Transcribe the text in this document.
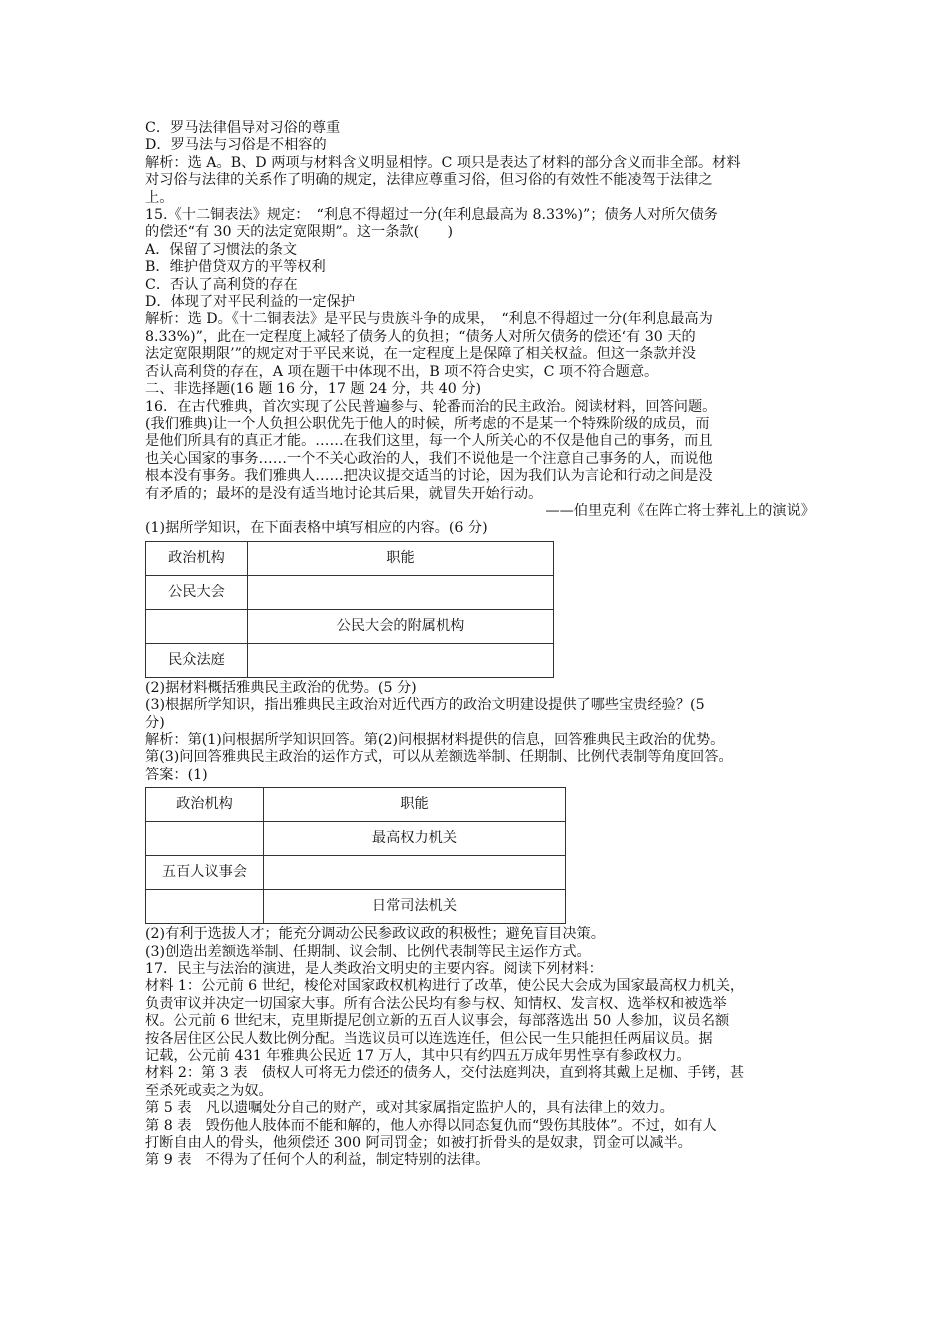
C．罗马法律倡导对习俗的尊重
D．罗马法与习俗是不相容的
解析：选 A。B、D 两项与材料含义明显相悖。C 项只是表达了材料的部分含义而非全部。材料
对习俗与法律的关系作了明确的规定，法律应尊重习俗，但习俗的有效性不能凌驾于法律之
上。
15.《十二铜表法》规定：　“利息不得超过一分(年利息最高为 8.33%)”；债务人对所欠债务
的偿还“有 30 天的法定宽限期”。这一条款(　　)
A．保留了习惯法的条文
B．维护借贷双方的平等权利
C．否认了高利贷的存在
D．体现了对平民利益的一定保护
解析：选 D。《十二铜表法》是平民与贵族斗争的成果，　“利息不得超过一分(年利息最高为
8.33%)”，此在一定程度上减轻了债务人的负担；“债务人对所欠债务的偿还‘有 30 天的
法定宽限期限’”的规定对于平民来说，在一定程度上是保障了相关权益。但这一条款并没
否认高利贷的存在，A 项在题干中体现不出，B 项不符合史实，C 项不符合题意。
二、非选择题(16 题 16 分，17 题 24 分，共 40 分)
16．在古代雅典，首次实现了公民普遍参与、轮番而治的民主政治。阅读材料，回答问题。
(我们雅典)让一个人负担公职优先于他人的时候，所考虑的不是某一个特殊阶级的成员，而
是他们所具有的真正才能。……在我们这里，每一个人所关心的不仅是他自己的事务，而且
也关心国家的事务……一个不关心政治的人，我们不说他是一个注意自己事务的人，而说他
根本没有事务。我们雅典人……把决议提交适当的讨论，因为我们认为言论和行动之间是没
有矛盾的；最坏的是没有适当地讨论其后果，就冒失开始行动。
——伯里克利《在阵亡将士葬礼上的演说》
(1)据所学知识，在下面表格中填写相应的内容。(6 分)
政治机构	职能
公民大会	
	公民大会的附属机构
民众法庭	
(2)据材料概括雅典民主政治的优势。(5 分)
(3)根据所学知识，指出雅典民主政治对近代西方的政治文明建设提供了哪些宝贵经验？(5
分)
解析：第(1)问根据所学知识回答。第(2)问根据材料提供的信息，回答雅典民主政治的优势。
第(3)问回答雅典民主政治的运作方式，可以从差额选举制、任期制、比例代表制等角度回答。
答案：(1)
政治机构	职能
	最高权力机关
五百人议事会	
	日常司法机关
(2)有利于选拔人才；能充分调动公民参政议政的积极性；避免盲目决策。
(3)创造出差额选举制、任期制、议会制、比例代表制等民主运作方式。
17．民主与法治的演进，是人类政治文明史的主要内容。阅读下列材料：
材料 1：公元前 6 世纪，梭伦对国家政权机构进行了改革，使公民大会成为国家最高权力机关，
负责审议并决定一切国家大事。所有合法公民均有参与权、知情权、发言权、选举权和被选举
权。公元前 6 世纪末，克里斯提尼创立新的五百人议事会，每部落选出 50 人参加，议员名额
按各居住区公民人数比例分配。当选议员可以连选连任，但公民一生只能担任两届议员。据
记载，公元前 431 年雅典公民近 17 万人，其中只有约四五万成年男性享有参政权力。
材料 2：第 3 表　债权人可将无力偿还的债务人，交付法庭判决，直到将其戴上足枷、手铐，甚
至杀死或卖之为奴。
第 5 表　凡以遗嘱处分自己的财产，或对其家属指定监护人的，具有法律上的效力。
第 8 表　毁伤他人肢体而不能和解的，他人亦得以同态复仇而“毁伤其肢体”。不过，如有人
打断自由人的骨头，他须偿还 300 阿司罚金；如被打折骨头的是奴隶，罚金可以减半。
第 9 表　不得为了任何个人的利益，制定特别的法律。
